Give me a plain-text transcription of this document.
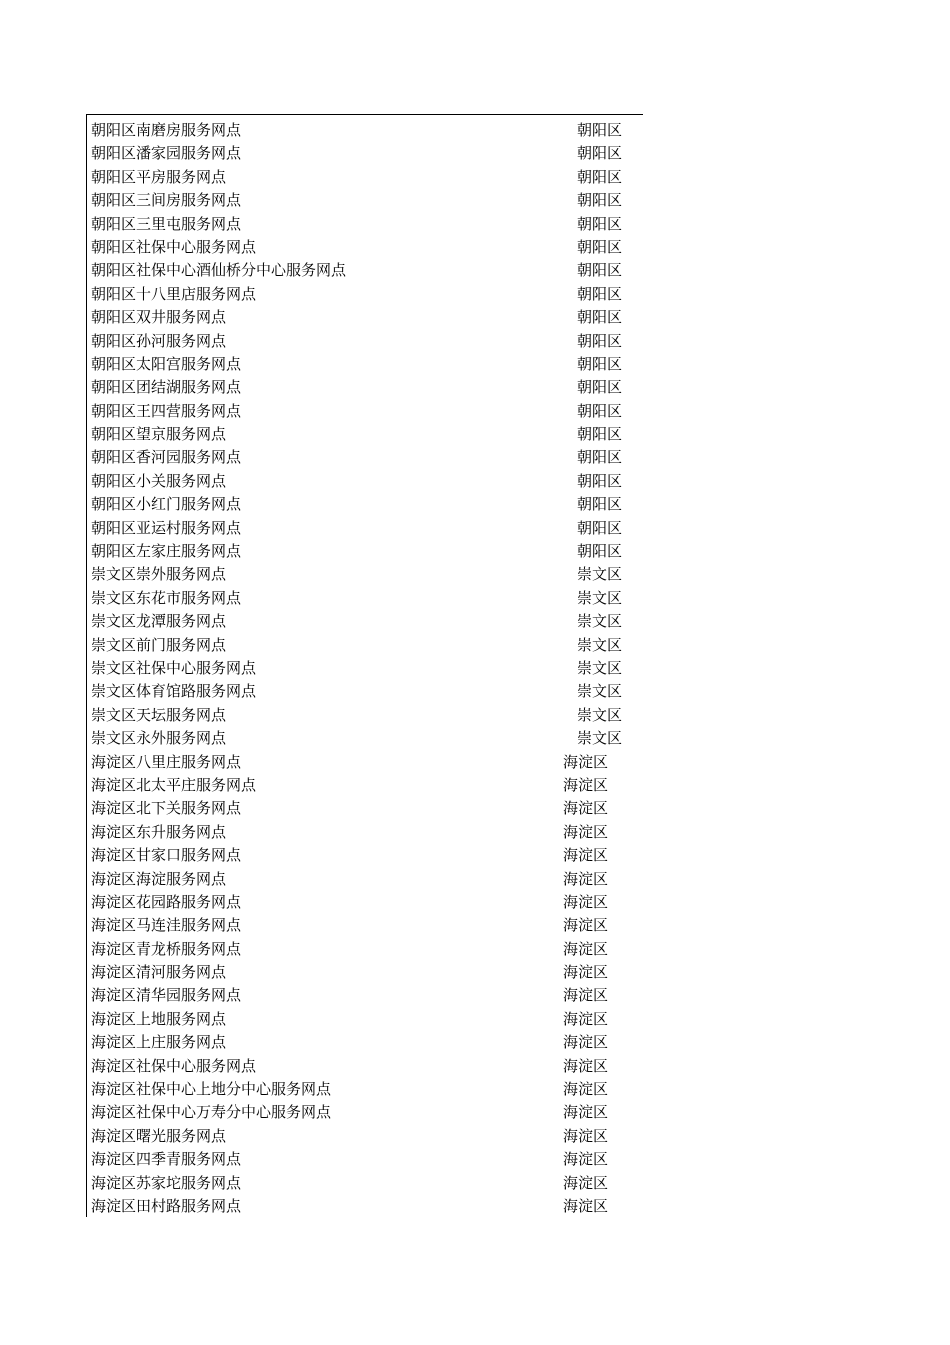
朝阳区南磨房服务网点	朝阳区
朝阳区潘家园服务网点	朝阳区
朝阳区平房服务网点	朝阳区
朝阳区三间房服务网点	朝阳区
朝阳区三里屯服务网点	朝阳区
朝阳区社保中心服务网点	朝阳区
朝阳区社保中心酒仙桥分中心服务网点	朝阳区
朝阳区十八里店服务网点	朝阳区
朝阳区双井服务网点	朝阳区
朝阳区孙河服务网点	朝阳区
朝阳区太阳宫服务网点	朝阳区
朝阳区团结湖服务网点	朝阳区
朝阳区王四营服务网点	朝阳区
朝阳区望京服务网点	朝阳区
朝阳区香河园服务网点	朝阳区
朝阳区小关服务网点	朝阳区
朝阳区小红门服务网点	朝阳区
朝阳区亚运村服务网点	朝阳区
朝阳区左家庄服务网点	朝阳区
崇文区崇外服务网点	崇文区
崇文区东花市服务网点	崇文区
崇文区龙潭服务网点	崇文区
崇文区前门服务网点	崇文区
崇文区社保中心服务网点	崇文区
崇文区体育馆路服务网点	崇文区
崇文区天坛服务网点	崇文区
崇文区永外服务网点	崇文区
海淀区八里庄服务网点	海淀区
海淀区北太平庄服务网点	海淀区
海淀区北下关服务网点	海淀区
海淀区东升服务网点	海淀区
海淀区甘家口服务网点	海淀区
海淀区海淀服务网点	海淀区
海淀区花园路服务网点	海淀区
海淀区马连洼服务网点	海淀区
海淀区青龙桥服务网点	海淀区
海淀区清河服务网点	海淀区
海淀区清华园服务网点	海淀区
海淀区上地服务网点	海淀区
海淀区上庄服务网点	海淀区
海淀区社保中心服务网点	海淀区
海淀区社保中心上地分中心服务网点	海淀区
海淀区社保中心万寿分中心服务网点	海淀区
海淀区曙光服务网点	海淀区
海淀区四季青服务网点	海淀区
海淀区苏家坨服务网点	海淀区
海淀区田村路服务网点	海淀区
